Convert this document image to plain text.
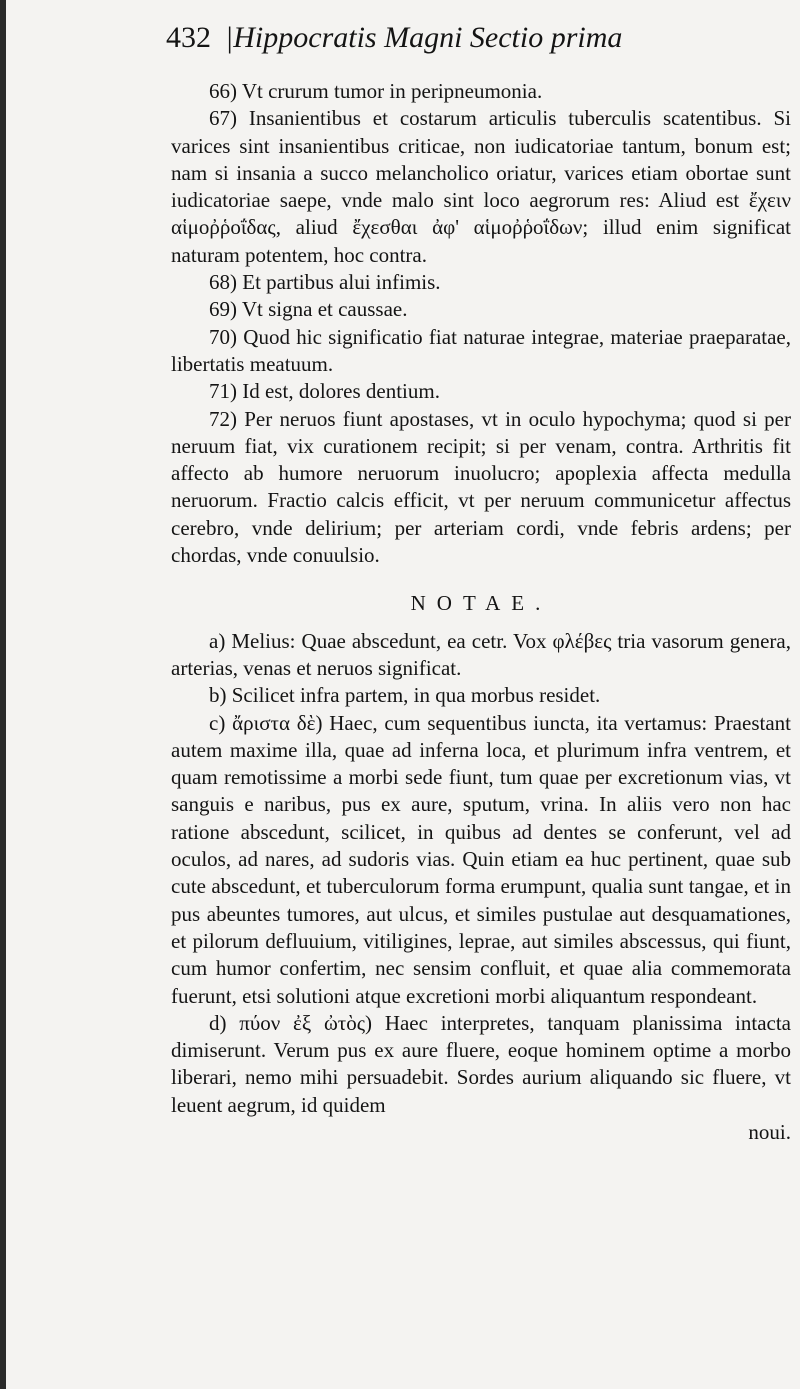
432 |Hippocratis Magni Sectio prima

66) Vt crurum tumor in peripneumonia.

67) Insanientibus et costarum articulis tuberculis scatentibus. Si varices sint insanientibus criticae, non iudicatoriae tantum, bonum est; nam si insania a succo melancholico oriatur, varices etiam obortae sunt iudicatoriae saepe, vnde malo sint loco aegrorum res: Aliud est ἔχειν αἱμοῤῥοΐδας, aliud ἔχεσθαι ἀφ' αἱμοῤῥοΐδων; illud enim significat naturam potentem, hoc contra.

68) Et partibus alui infimis.

69) Vt signa et caussae.

70) Quod hic significatio fiat naturae integrae, materiae praeparatae, libertatis meatuum.

71) Id est, dolores dentium.

72) Per neruos fiunt apostases, vt in oculo hypochyma; quod si per neruum fiat, vix curationem recipit; si per venam, contra. Arthritis fit affecto ab humore neruorum inuolucro; apoplexia affecta medulla neruorum. Fractio calcis efficit, vt per neruum communicetur affectus cerebro, vnde delirium; per arteriam cordi, vnde febris ardens; per chordas, vnde conuulsio.

NOTAE.

a) Melius: Quae abscedunt, ea cetr. Vox φλέβες tria vasorum genera, arterias, venas et neruos significat.

b) Scilicet infra partem, in qua morbus residet.

c) ἄριστα δὲ) Haec, cum sequentibus iuncta, ita vertamus: Praestant autem maxime illa, quae ad inferna loca, et plurimum infra ventrem, et quam remotissime a morbi sede fiunt, tum quae per excretionum vias, vt sanguis e naribus, pus ex aure, sputum, vrina. In aliis vero non hac ratione abscedunt, scilicet, in quibus ad dentes se conferunt, vel ad oculos, ad nares, ad sudoris vias. Quin etiam ea huc pertinent, quae sub cute abscedunt, et tuberculorum forma erumpunt, qualia sunt tangae, et in pus abeuntes tumores, aut ulcus, et similes pustulae aut desquamationes, et pilorum defluuium, vitiligines, leprae, aut similes abscessus, qui fiunt, cum humor confertim, nec sensim confluit, et quae alia commemorata fuerunt, etsi solutioni atque excretioni morbi aliquantum respondeant.

d) πύον ἐξ ὠτὸς) Haec interpretes, tanquam planissima intacta dimiserunt. Verum pus ex aure fluere, eoque hominem optime a morbo liberari, nemo mihi persuadebit. Sordes aurium aliquando sic fluere, vt leuent aegrum, id quidem

noui.
